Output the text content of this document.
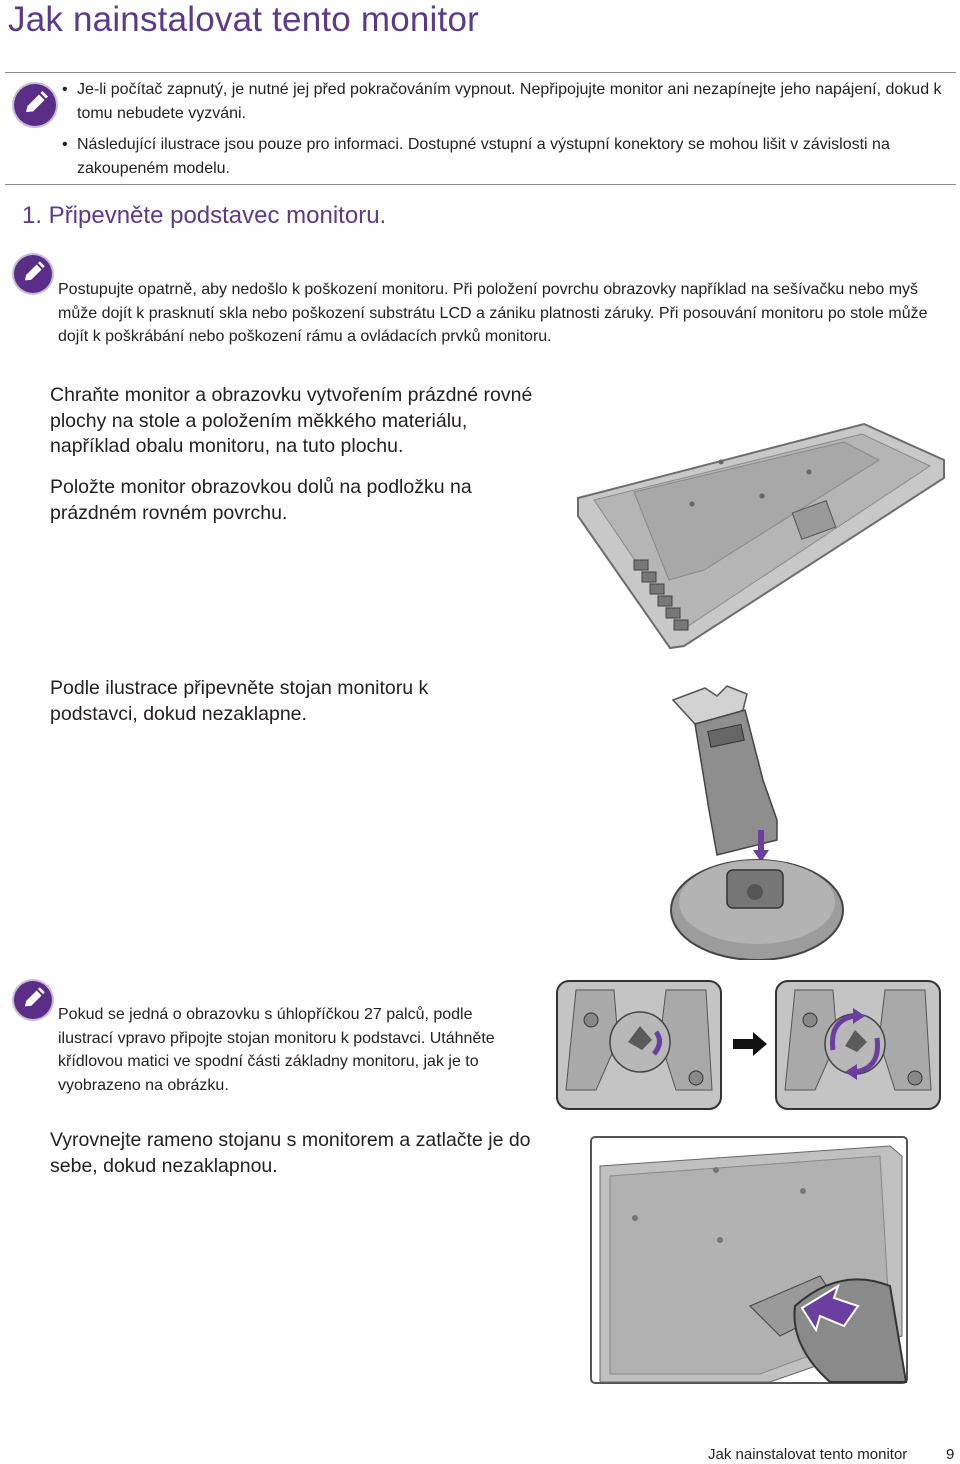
Jak nainstalovat tento monitor
• Je-li počítač zapnutý, je nutné jej před pokračováním vypnout. Nepřipojujte monitor ani nezapínejte jeho napájení, dokud k tomu nebudete vyzváni.
• Následující ilustrace jsou pouze pro informaci. Dostupné vstupní a výstupní konektory se mohou lišit v závislosti na zakoupeném modelu.
1. Připevněte podstavec monitoru.
Postupujte opatrně, aby nedošlo k poškození monitoru. Při položení povrchu obrazovky například na sešívačku nebo myš může dojít k prasknutí skla nebo poškození substrátu LCD a zániku platnosti záruky. Při posouvání monitoru po stole může dojít k poškrábání nebo poškození rámu a ovládacích prvků monitoru.
Chraňte monitor a obrazovku vytvořením prázdné rovné plochy na stole a položením měkkého materiálu, například obalu monitoru, na tuto plochu.
Položte monitor obrazovkou dolů na podložku na prázdném rovném povrchu.
Podle ilustrace připevněte stojan monitoru k podstavci, dokud nezaklapne.
Pokud se jedná o obrazovku s úhlopříčkou 27 palců, podle ilustrací vpravo připojte stojan monitoru k podstavci. Utáhněte křídlovou matici ve spodní části základny monitoru, jak je to vyobrazeno na obrázku.
Vyrovnejte rameno stojanu s monitorem a zatlačte je do sebe, dokud nezaklapnou.
Jak nainstalovat tento monitor	9
